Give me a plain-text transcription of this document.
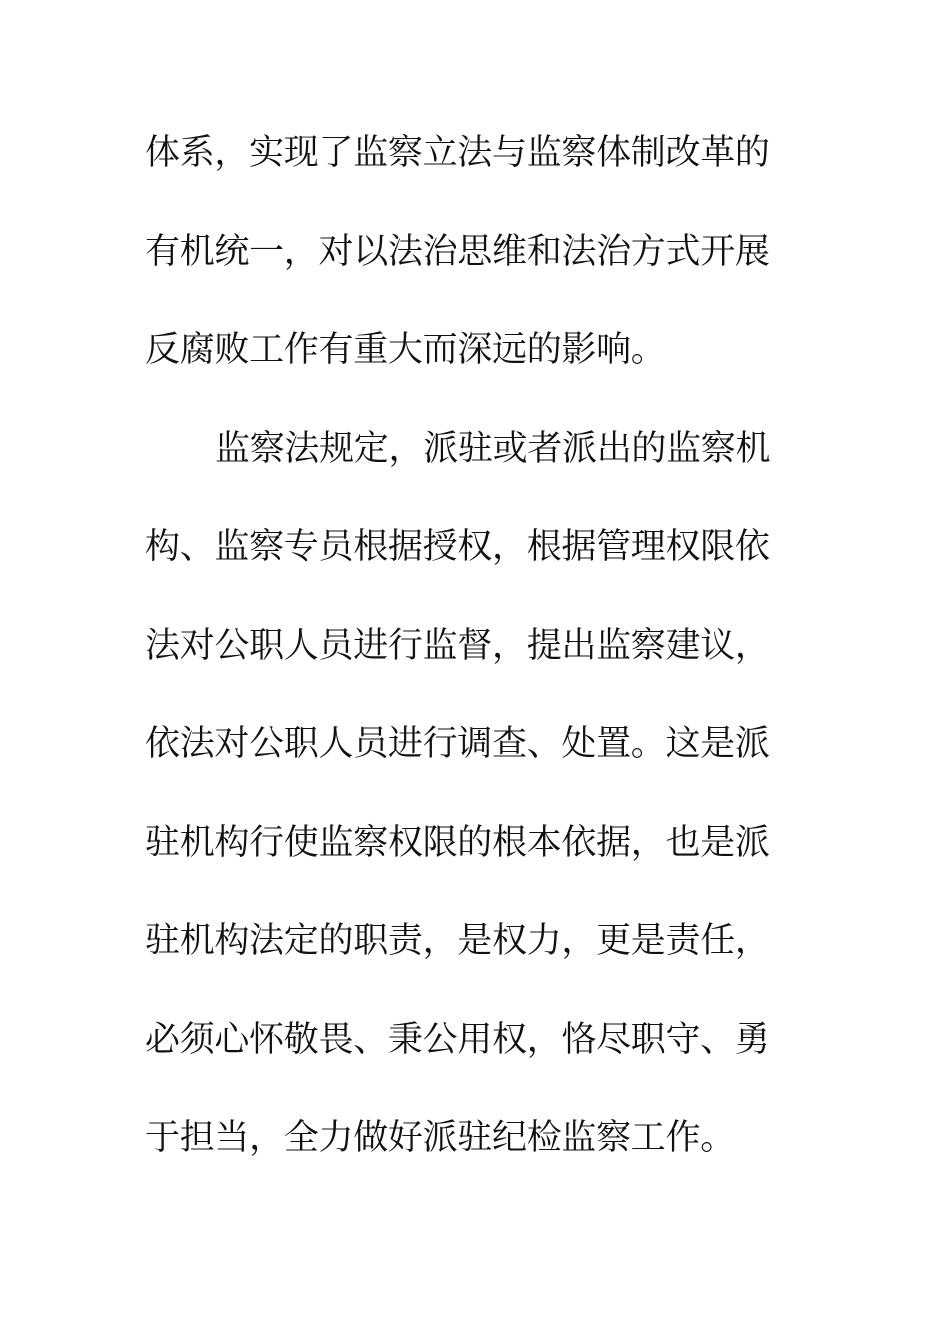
体系，实现了监察立法与监察体制改革的
有机统一，对以法治思维和法治方式开展
反腐败工作有重大而深远的影响。
监察法规定，派驻或者派出的监察机
构、监察专员根据授权，根据管理权限依
法对公职人员进行监督，提出监察建议，
依法对公职人员进行调查、处置。这是派
驻机构行使监察权限的根本依据，也是派
驻机构法定的职责，是权力，更是责任，
必须心怀敬畏、秉公用权，恪尽职守、勇
于担当，全力做好派驻纪检监察工作。
